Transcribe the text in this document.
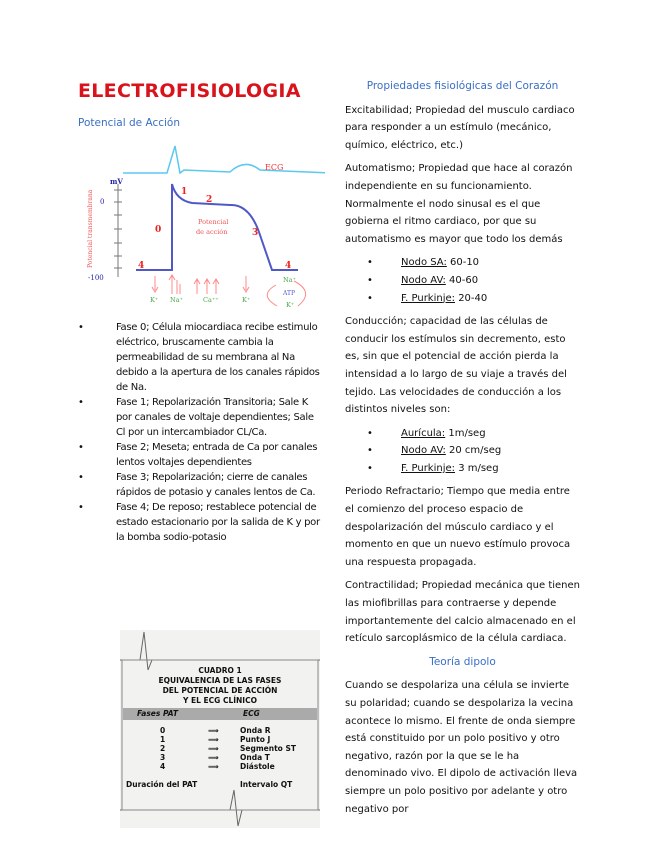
ELECTROFISIOLOGIA
Potencial de Acción
ECG
mV
0
-100
Potencial transmembrana	1
2
0	3
4	4
Potencial
de acción
K⁺ Na⁺	Ca⁺⁺	K⁺
Na⁺
K⁺
ATP
• Fase 0; Célula miocardiaca recibe estimulo eléctrico, bruscamente cambia la permeabilidad de su membrana al Na debido a la apertura de los canales rápidos de Na.
• Fase 1; Repolarización Transitoria; Sale K por canales de voltaje dependientes; Sale Cl por un intercambiador CL/Ca.
• Fase 2; Meseta; entrada de Ca por canales lentos voltajes dependientes
• Fase 3; Repolarización; cierre de canales rápidos de potasio y canales lentos de Ca.
• Fase 4; De reposo; restablece potencial de estado estacionario por la salida de K y por la bomba sodio-potasio
CUADRO 1
EQUIVALENCIA DE LAS FASES
DEL POTENCIAL DE ACCIÓN
Y EL ECG CLÍNICO
Fases PAT	ECG
0	⟹	Onda R
1	⟹	Punto J
2	⟹	Segmento ST
3	⟹	Onda T
4	⟹	Diástole
Duración del PAT	Intervalo QT
Propiedades fisiológicas del Corazón

Excitabilidad; Propiedad del musculo cardiaco para responder a un estímulo (mecánico, químico, eléctrico, etc.)

Automatismo; Propiedad que hace al corazón independiente en su funcionamiento. Normalmente el nodo sinusal es el que gobierna el ritmo cardiaco, por que su automatismo es mayor que todo los demás

• Nodo SA: 60-10
• Nodo AV: 40-60
• F. Purkinje: 20-40

Conducción; capacidad de las células de conducir los estímulos sin decremento, esto es, sin que el potencial de acción pierda la intensidad a lo largo de su viaje a través del tejido. Las velocidades de conducción a los distintos niveles son:

• Aurícula: 1m/seg
• Nodo AV: 20 cm/seg
• F. Purkinje: 3 m/seg

Periodo Refractario; Tiempo que media entre el comienzo del proceso espacio de despolarización del músculo cardiaco y el momento en que un nuevo estímulo provoca una respuesta propagada.

Contractilidad; Propiedad mecánica que tienen las miofibrillas para contraerse y depende importantemente del calcio almacenado en el retículo sarcoplásmico de la célula cardiaca.

Teoría dipolo

Cuando se despolariza una célula se invierte su polaridad; cuando se despolariza la vecina acontece lo mismo. El frente de onda siempre está constituido por un polo positivo y otro negativo, razón por la que se le ha denominado vivo. El dipolo de activación lleva siempre un polo positivo por adelante y otro negativo por
